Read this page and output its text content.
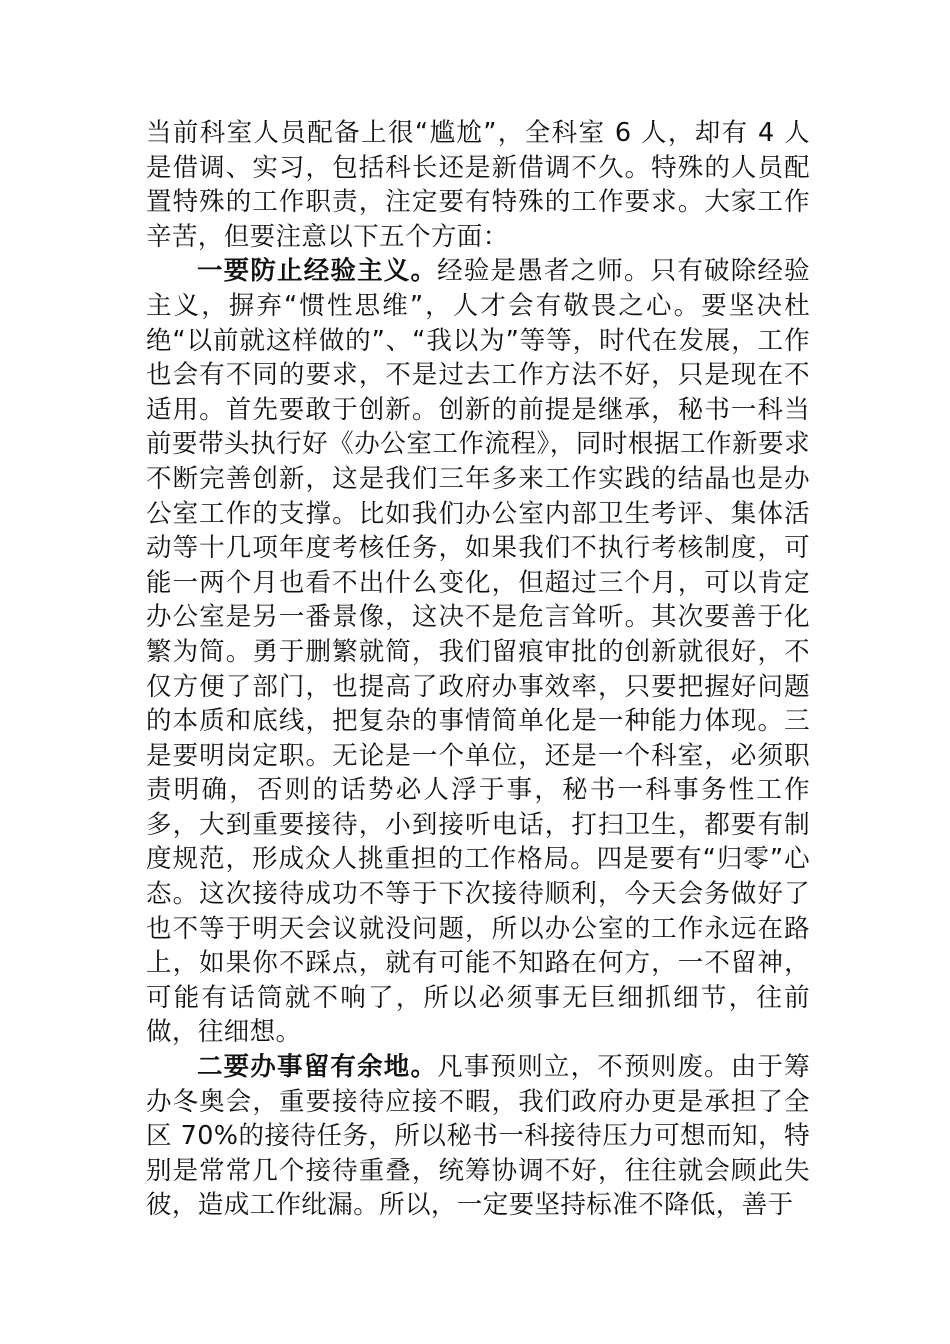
当前科室人员配备上很“尴尬”，全科室 6 人，却有 4 人是借调、实习，包括科长还是新借调不久。特殊的人员配置特殊的工作职责，注定要有特殊的工作要求。大家工作辛苦，但要注意以下五个方面：

一要防止经验主义。经验是愚者之师。只有破除经验主义，摒弃“惯性思维”，人才会有敬畏之心。要坚决杜绝“以前就这样做的”、“我以为”等等，时代在发展，工作也会有不同的要求，不是过去工作方法不好，只是现在不适用。首先要敢于创新。创新的前提是继承，秘书一科当前要带头执行好《办公室工作流程》，同时根据工作新要求不断完善创新，这是我们三年多来工作实践的结晶也是办公室工作的支撑。比如我们办公室内部卫生考评、集体活动等十几项年度考核任务，如果我们不执行考核制度，可能一两个月也看不出什么变化，但超过三个月，可以肯定办公室是另一番景像，这决不是危言耸听。其次要善于化繁为简。勇于删繁就简，我们留痕审批的创新就很好，不仅方便了部门，也提高了政府办事效率，只要把握好问题的本质和底线，把复杂的事情简单化是一种能力体现。三是要明岗定职。无论是一个单位，还是一个科室，必须职责明确，否则的话势必人浮于事，秘书一科事务性工作多，大到重要接待，小到接听电话，打扫卫生，都要有制度规范，形成众人挑重担的工作格局。四是要有“归零”心态。这次接待成功不等于下次接待顺利，今天会务做好了也不等于明天会议就没问题，所以办公室的工作永远在路上，如果你不踩点，就有可能不知路在何方，一不留神，可能有话筒就不响了，所以必须事无巨细抓细节，往前做，往细想。

二要办事留有余地。凡事预则立，不预则废。由于筹办冬奥会，重要接待应接不暇，我们政府办更是承担了全区 70%的接待任务，所以秘书一科接待压力可想而知，特别是常常几个接待重叠，统筹协调不好，往往就会顾此失彼，造成工作纰漏。所以，一定要坚持标准不降低，善于
